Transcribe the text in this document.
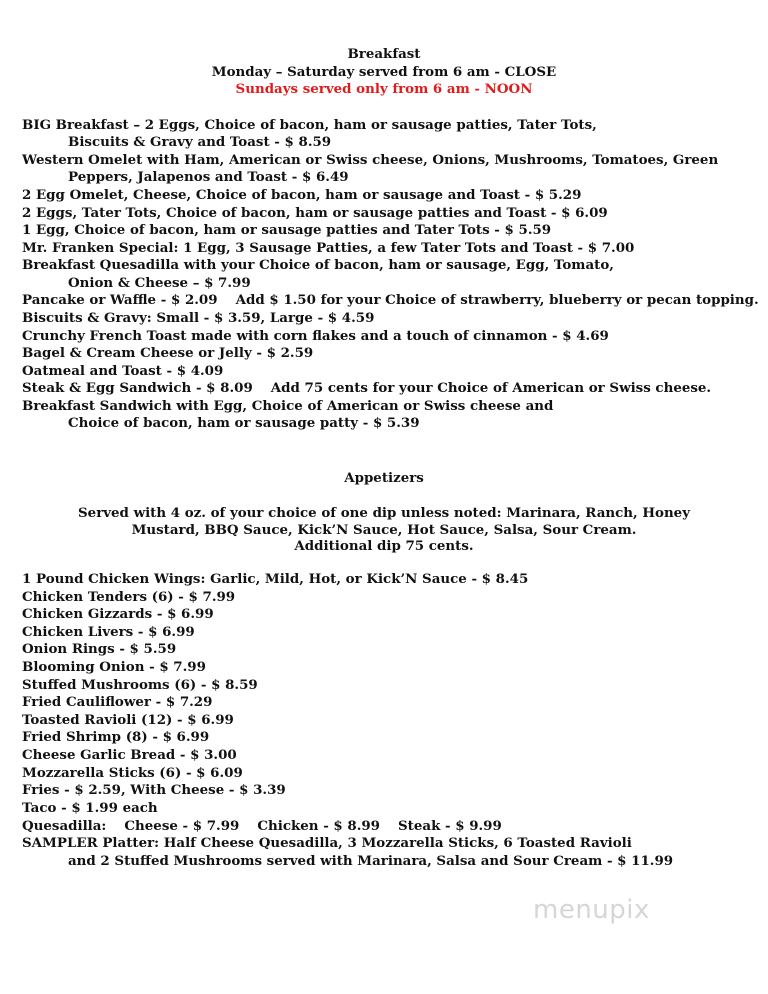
Breakfast
Monday – Saturday served from 6 am - CLOSE
Sundays served only from 6 am - NOON
BIG Breakfast – 2 Eggs, Choice of bacon, ham or sausage patties, Tater Tots,
Biscuits & Gravy and Toast - $ 8.59
Western Omelet with Ham, American or Swiss cheese, Onions, Mushrooms, Tomatoes, Green
Peppers, Jalapenos and Toast - $ 6.49
2 Egg Omelet, Cheese, Choice of bacon, ham or sausage and Toast - $ 5.29
2 Eggs, Tater Tots, Choice of bacon, ham or sausage patties and Toast - $ 6.09
1 Egg, Choice of bacon, ham or sausage patties and Tater Tots - $ 5.59
Mr. Franken Special: 1 Egg, 3 Sausage Patties, a few Tater Tots and Toast - $ 7.00
Breakfast Quesadilla with your Choice of bacon, ham or sausage, Egg, Tomato,
Onion & Cheese – $ 7.99
Pancake or Waffle - $ 2.09 Add $ 1.50 for your Choice of strawberry, blueberry or pecan topping.
Biscuits & Gravy: Small - $ 3.59, Large - $ 4.59
Crunchy French Toast made with corn flakes and a touch of cinnamon - $ 4.69
Bagel & Cream Cheese or Jelly - $ 2.59
Oatmeal and Toast - $ 4.09
Steak & Egg Sandwich - $ 8.09 Add 75 cents for your Choice of American or Swiss cheese.
Breakfast Sandwich with Egg, Choice of American or Swiss cheese and
Choice of bacon, ham or sausage patty - $ 5.39
Appetizers
Served with 4 oz. of your choice of one dip unless noted: Marinara, Ranch, Honey
Mustard, BBQ Sauce, Kick’N Sauce, Hot Sauce, Salsa, Sour Cream.
Additional dip 75 cents.
1 Pound Chicken Wings: Garlic, Mild, Hot, or Kick’N Sauce - $ 8.45
Chicken Tenders (6) - $ 7.99
Chicken Gizzards - $ 6.99
Chicken Livers - $ 6.99
Onion Rings - $ 5.59
Blooming Onion - $ 7.99
Stuffed Mushrooms (6) - $ 8.59
Fried Cauliflower - $ 7.29
Toasted Ravioli (12) - $ 6.99
Fried Shrimp (8) - $ 6.99
Cheese Garlic Bread - $ 3.00
Mozzarella Sticks (6) - $ 6.09
Fries - $ 2.59, With Cheese - $ 3.39
Taco - $ 1.99 each
Quesadilla: Cheese - $ 7.99 Chicken - $ 8.99 Steak - $ 9.99
SAMPLER Platter: Half Cheese Quesadilla, 3 Mozzarella Sticks, 6 Toasted Ravioli
and 2 Stuffed Mushrooms served with Marinara, Salsa and Sour Cream - $ 11.99
menupix
